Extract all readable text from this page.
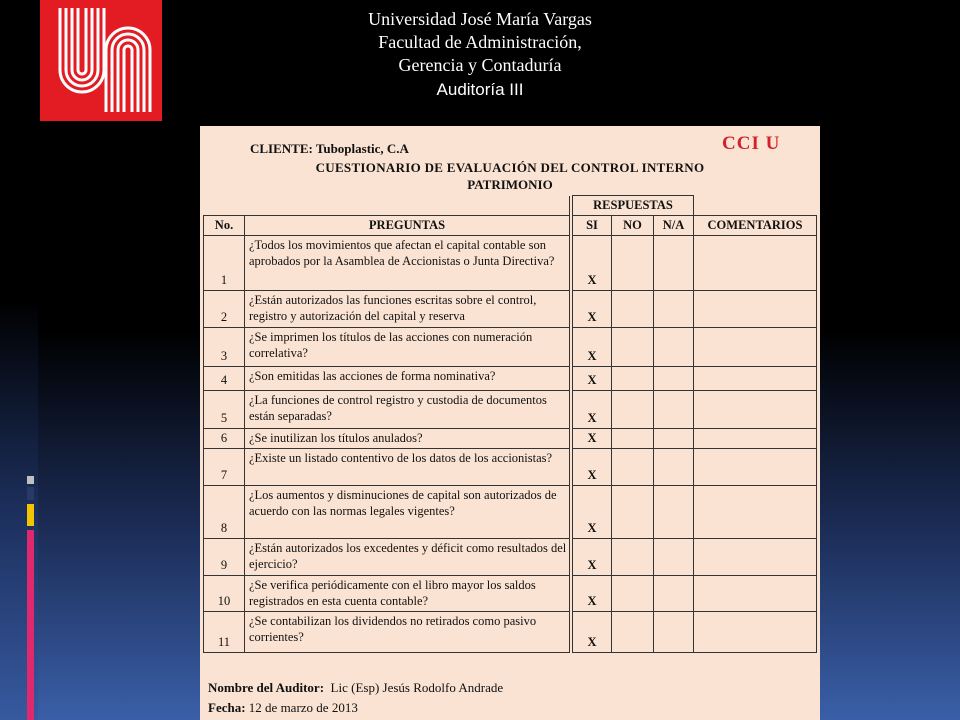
Universidad José María Vargas
Facultad de Administración,
Gerencia y Contaduría
Auditoría III
CLIENTE: Tuboplastic, C.A	CCI U
CUESTIONARIO DE EVALUACIÓN DEL CONTROL INTERNO
PATRIMONIO
			RESPUESTAS			
No.	PREGUNTAS		SI	NO	N/A	COMENTARIOS
1	¿Todos los movimientos que afectan el capital contable son aprobados por la Asamblea de Accionistas o Junta Directiva?		X			
2	¿Están autorizados las funciones escritas sobre el control, registro y autorización del capital y reserva		X			
3	¿Se imprimen los títulos de las acciones con numeración correlativa?		X			
4	¿Son emitidas las acciones de forma nominativa?		X			
5	¿La funciones de control registro y custodia de documentos están separadas?		X			
6	¿Se inutilizan los títulos anulados?		X			
7	¿Existe un listado contentivo de los datos de los accionistas?		X			
8	¿Los aumentos y disminuciones de capital son autorizados de acuerdo con las normas legales vigentes?		X			
9	¿Están autorizados los excedentes y déficit como resultados del ejercicio?		X			
10	¿Se verifica periódicamente con el libro mayor los saldos registrados en esta cuenta contable?		X			
11	¿Se contabilizan los dividendos no retirados como pasivo corrientes?		X			
Nombre del Auditor: Lic (Esp) Jesús Rodolfo Andrade
Fecha: 12 de marzo de 2013
